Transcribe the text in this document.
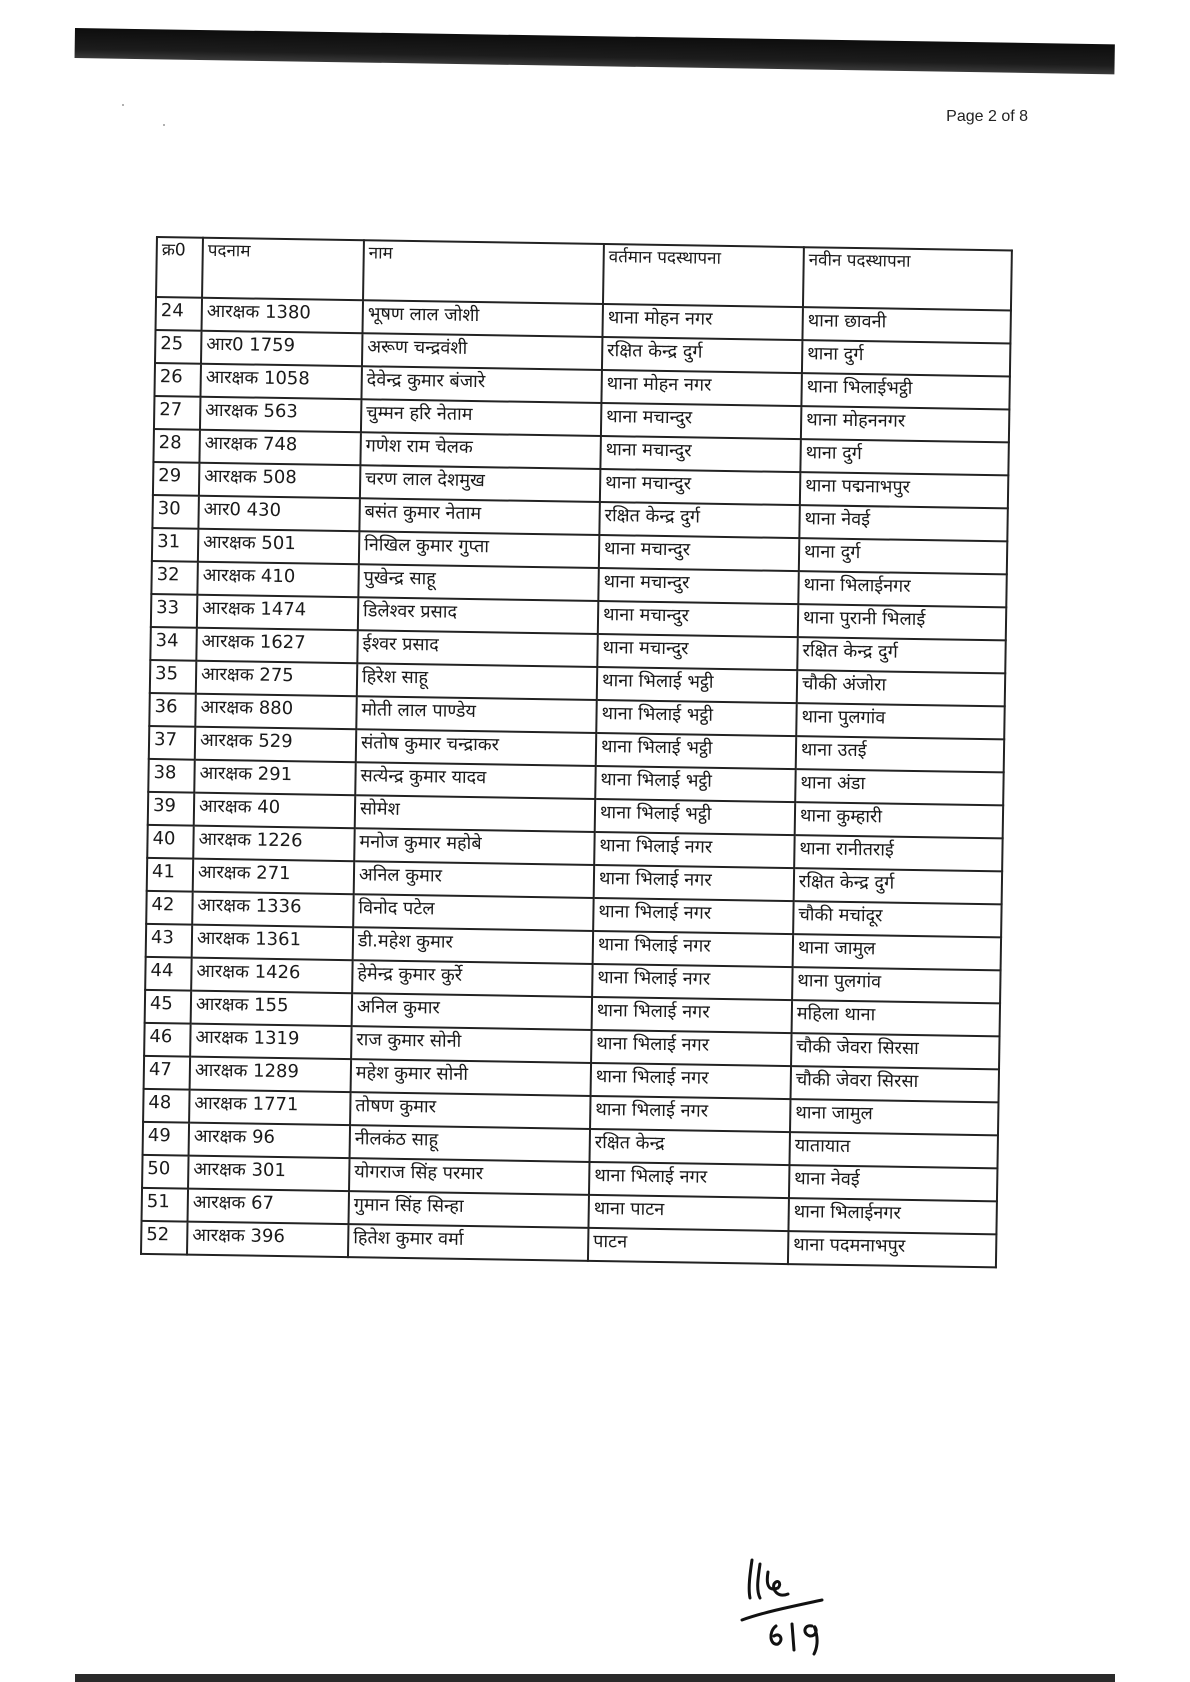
Page 2 of 8
क्र0	पदनाम	नाम	वर्तमान पदस्थापना	नवीन पदस्थापना
24	आरक्षक 1380	भूषण लाल जोशी	थाना मोहन नगर	थाना छावनी
25	आर0 1759	अरूण चन्द्रवंशी	रक्षित केन्द्र दुर्ग	थाना दुर्ग
26	आरक्षक 1058	देवेन्द्र कुमार बंजारे	थाना मोहन नगर	थाना भिलाईभट्ठी
27	आरक्षक 563	चुम्मन हरि नेताम	थाना मचान्दुर	थाना मोहननगर
28	आरक्षक 748	गणेश राम चेलक	थाना मचान्दुर	थाना दुर्ग
29	आरक्षक 508	चरण लाल देशमुख	थाना मचान्दुर	थाना पद्मनाभपुर
30	आर0 430	बसंत कुमार नेताम	रक्षित केन्द्र दुर्ग	थाना नेवई
31	आरक्षक 501	निखिल कुमार गुप्ता	थाना मचान्दुर	थाना दुर्ग
32	आरक्षक 410	पुखेन्द्र साहू	थाना मचान्दुर	थाना भिलाईनगर
33	आरक्षक 1474	डिलेश्वर प्रसाद	थाना मचान्दुर	थाना पुरानी भिलाई
34	आरक्षक 1627	ईश्वर प्रसाद	थाना मचान्दुर	रक्षित केन्द्र दुर्ग
35	आरक्षक 275	हिरेश साहू	थाना भिलाई भट्ठी	चौकी अंजोरा
36	आरक्षक 880	मोती लाल पाण्डेय	थाना भिलाई भट्ठी	थाना पुलगांव
37	आरक्षक 529	संतोष कुमार चन्द्राकर	थाना भिलाई भट्ठी	थाना उतई
38	आरक्षक 291	सत्येन्द्र कुमार यादव	थाना भिलाई भट्ठी	थाना अंडा
39	आरक्षक 40	सोमेश	थाना भिलाई भट्ठी	थाना कुम्हारी
40	आरक्षक 1226	मनोज कुमार महोबे	थाना भिलाई नगर	थाना रानीतराई
41	आरक्षक 271	अनिल कुमार	थाना भिलाई नगर	रक्षित केन्द्र दुर्ग
42	आरक्षक 1336	विनोद पटेल	थाना भिलाई नगर	चौकी मचांदूर
43	आरक्षक 1361	डी.महेश कुमार	थाना भिलाई नगर	थाना जामुल
44	आरक्षक 1426	हेमेन्द्र कुमार कुर्रे	थाना भिलाई नगर	थाना पुलगांव
45	आरक्षक 155	अनिल कुमार	थाना भिलाई नगर	महिला थाना
46	आरक्षक 1319	राज कुमार सोनी	थाना भिलाई नगर	चौकी जेवरा सिरसा
47	आरक्षक 1289	महेश कुमार सोनी	थाना भिलाई नगर	चौकी जेवरा सिरसा
48	आरक्षक 1771	तोषण कुमार	थाना भिलाई नगर	थाना जामुल
49	आरक्षक 96	नीलकंठ साहू	रक्षित केन्द्र	यातायात
50	आरक्षक 301	योगराज सिंह परमार	थाना भिलाई नगर	थाना नेवई
51	आरक्षक 67	गुमान सिंह सिन्हा	थाना पाटन	थाना भिलाईनगर
52	आरक्षक 396	हितेश कुमार वर्मा	पाटन	थाना पदमनाभपुर
